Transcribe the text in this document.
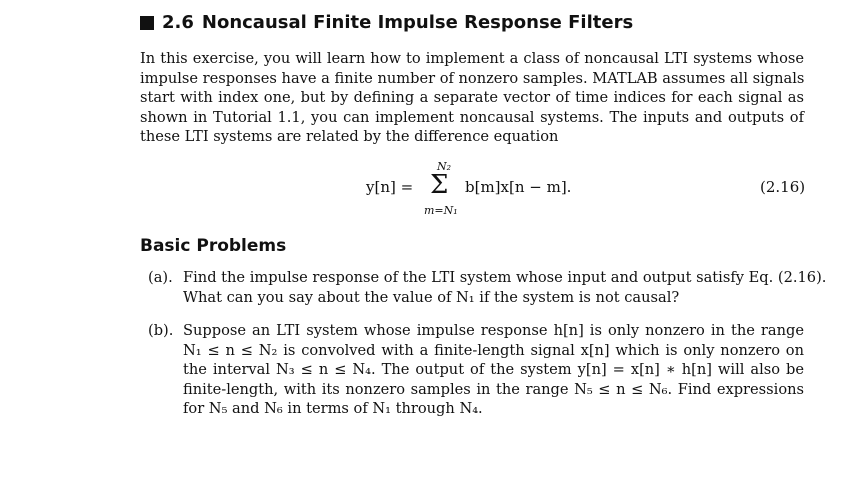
2.6 Noncausal Finite Impulse Response Filters
In this exercise, you will learn how to implement a class of noncausal LTI systems whose
impulse responses have a finite number of nonzero samples. MATLAB assumes all signals
start with index one, but by defining a separate vector of time indices for each signal as
shown in Tutorial 1.1, you can implement noncausal systems. The inputs and outputs of
these LTI systems are related by the difference equation
y[n] =
N₂
Σ
m=N₁
b[m]x[n − m].	(2.16)
Basic Problems
(a). Find the impulse response of the LTI system whose input and output satisfy Eq. (2.16).
What can you say about the value of N₁ if the system is not causal?
(b). Suppose an LTI system whose impulse response h[n] is only nonzero in the range
N₁ ≤ n ≤ N₂ is convolved with a finite-length signal x[n] which is only nonzero on
the interval N₃ ≤ n ≤ N₄. The output of the system y[n] = x[n] ∗ h[n] will also be
finite-length, with its nonzero samples in the range N₅ ≤ n ≤ N₆. Find expressions
for N₅ and N₆ in terms of N₁ through N₄.
